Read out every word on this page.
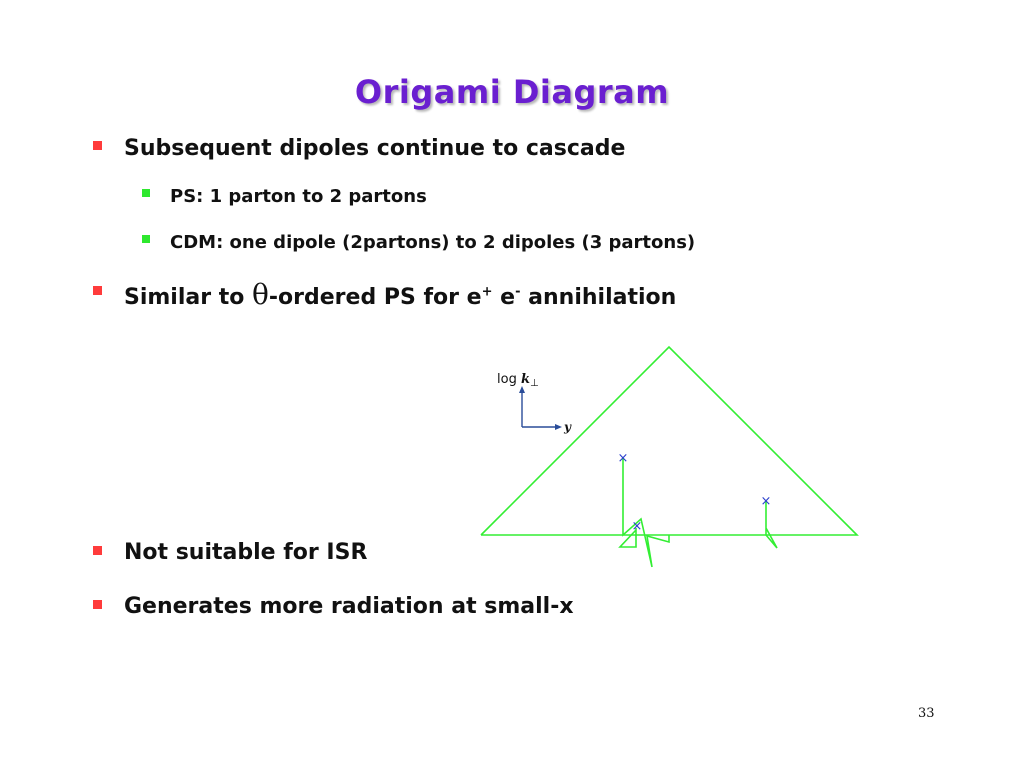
Origami Diagram
Subsequent dipoles continue to cascade
PS: 1 parton to 2 partons
CDM: one dipole (2partons) to 2 dipoles (3 partons)
Similar to θ-ordered PS for e+ e- annihilation
Not suitable for ISR
Generates more radiation at small-x
$\log k_\perp$
y
×
×
×
33
